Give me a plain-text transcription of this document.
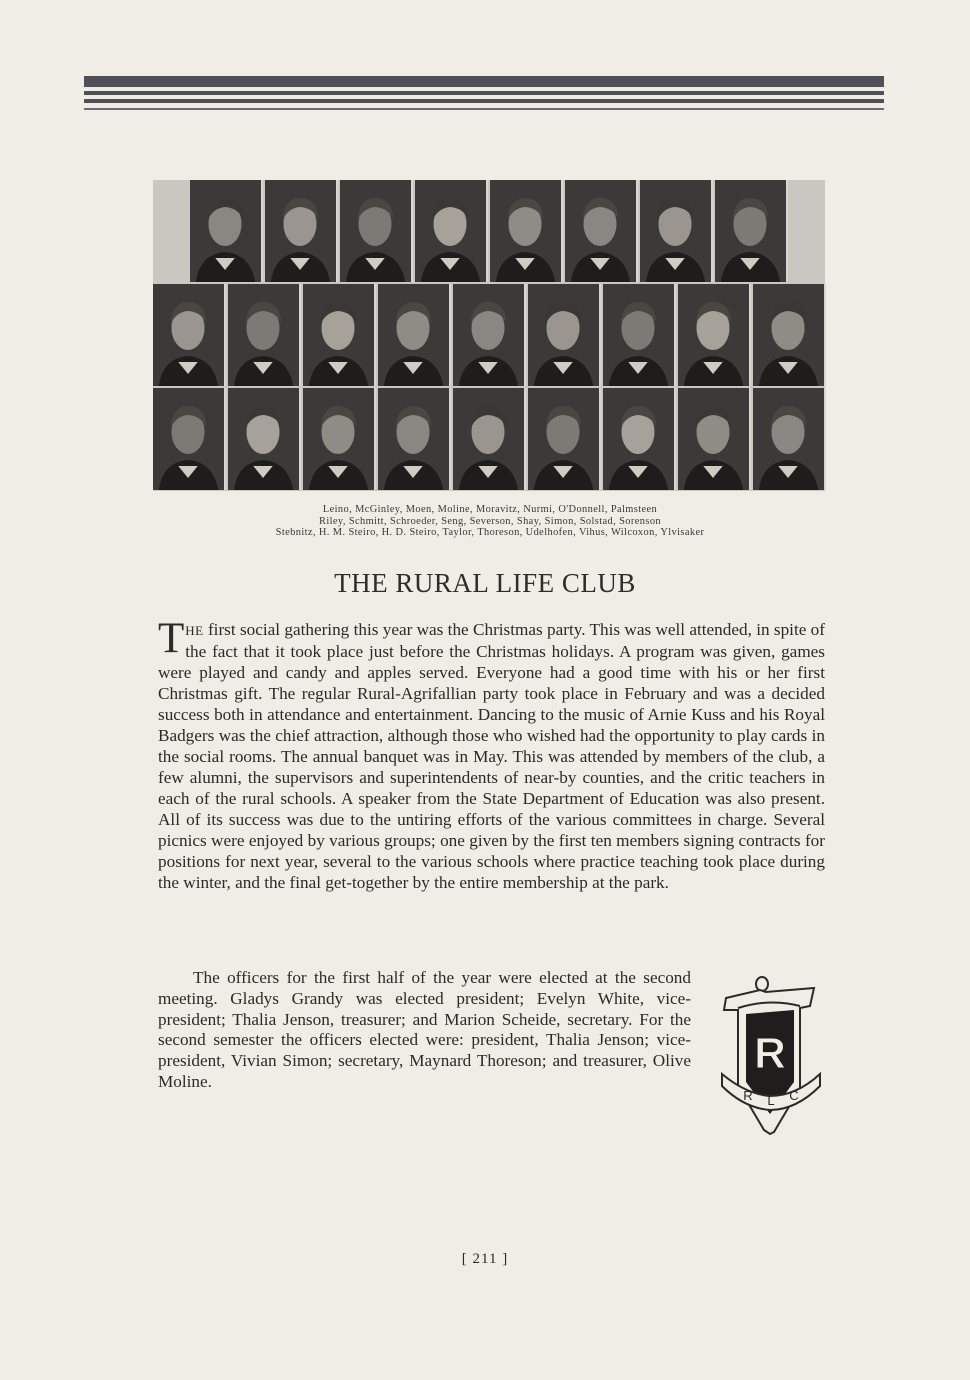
Leino, McGinley, Moen, Moline, Moravitz, Nurmi, O'Donnell, Palmsteen
Riley, Schmitt, Schroeder, Seng, Severson, Shay, Simon, Solstad, Sorenson
Stebnitz, H. M. Steiro, H. D. Steiro, Taylor, Thoreson, Udelhofen, Vihus, Wilcoxon, Ylvisaker
THE RURAL LIFE CLUB

THE first social gathering this year was the Christmas party. This was well attended, in spite of the fact that it took place just before the Christmas holidays. A program was given, games were played and candy and apples served. Everyone had a good time with his or her first Christmas gift. The regular Rural-Agrifallian party took place in February and was a decided success both in attendance and entertainment. Dancing to the music of Arnie Kuss and his Royal Badgers was the chief attraction, although those who wished had the opportunity to play cards in the social rooms. The annual banquet was in May. This was attended by members of the club, a few alumni, the supervisors and superintendents of near-by counties, and the critic teachers in each of the rural schools. A speaker from the State Department of Education was also present. All of its success was due to the untiring efforts of the various committees in charge. Several picnics were enjoyed by various groups; one given by the first ten members signing contracts for positions for next year, several to the various schools where practice teaching took place during the winter, and the final get-together by the entire membership at the park.

The officers for the first half of the year were elected at the second meeting. Gladys Grandy was elected president; Evelyn White, vice-president; Thalia Jenson, treasurer; and Marion Scheide, secretary. For the second semester the officers elected were: president, Thalia Jenson; vice-president, Vivian Simon; secretary, Maynard Thoreson; and treasurer, Olive Moline.

R
R L C
[ 211 ]
